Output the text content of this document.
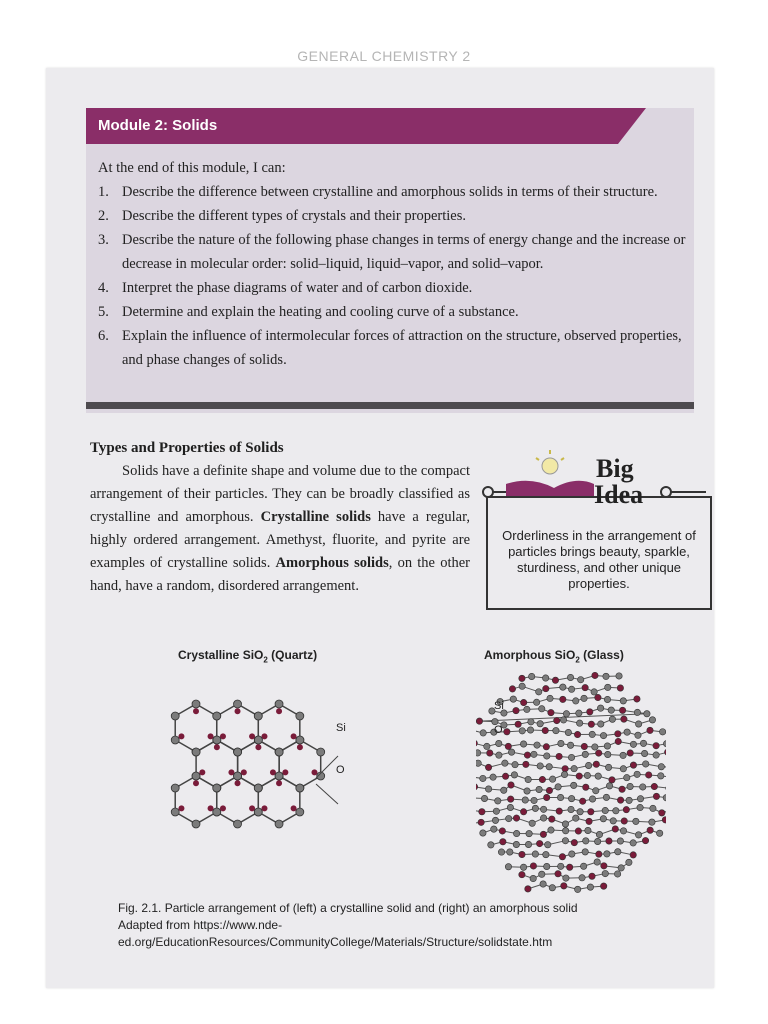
GENERAL CHEMISTRY 2
Module 2: Solids
At the end of this module, I can:
1. Describe the difference between crystalline and amorphous solids in terms of their structure.
2. Describe the different types of crystals and their properties.
3. Describe the nature of the following phase changes in terms of energy change and the increase or decrease in molecular order: solid–liquid, liquid–vapor, and solid–vapor.
4. Interpret the phase diagrams of water and of carbon dioxide.
5. Determine and explain the heating and cooling curve of a substance.
6. Explain the influence of intermolecular forces of attraction on the structure, observed properties, and phase changes of solids.
Types and Properties of Solids

Solids have a definite shape and volume due to the compact arrangement of their particles. They can be broadly classified as crystalline and amorphous. Crystalline solids have a regular, highly ordered arrangement. Amethyst, fluorite, and pyrite are examples of crystalline solids. Amorphous solids, on the other hand, have a random, disordered arrangement.

Big
Idea
Orderliness in the arrangement of particles brings beauty, sparkle, sturdiness, and other unique properties.
Crystalline SiO$_2$ (Quartz)	Amorphous SiO$_2$ (Glass)
Si
O
Si
O
Fig. 2.1. Particle arrangement of (left) a crystalline solid and (right) an amorphous solid
Adapted from https://www.nde-ed.org/EducationResources/CommunityCollege/Materials/Structure/solidstate.htm
